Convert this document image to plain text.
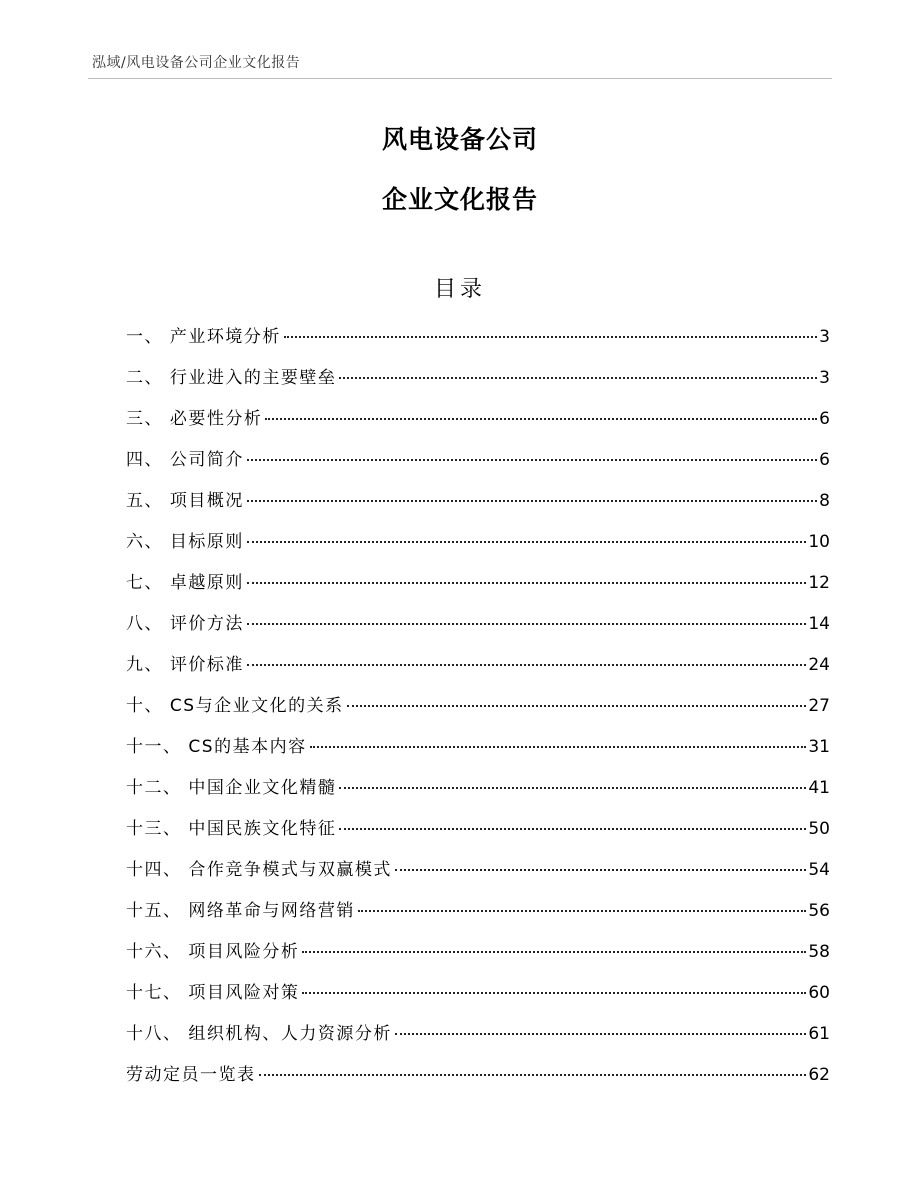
泓域/风电设备公司企业文化报告
风电设备公司
企业文化报告
目录
一、 产业环境分析	3
二、 行业进入的主要壁垒	3
三、 必要性分析	6
四、 公司简介	6
五、 项目概况	8
六、 目标原则	10
七、 卓越原则	12
八、 评价方法	14
九、 评价标准	24
十、 CS与企业文化的关系	27
十一、 CS的基本内容	31
十二、 中国企业文化精髓	41
十三、 中国民族文化特征	50
十四、 合作竞争模式与双赢模式	54
十五、 网络革命与网络营销	56
十六、 项目风险分析	58
十七、 项目风险对策	60
十八、 组织机构、人力资源分析	61
劳动定员一览表	62
